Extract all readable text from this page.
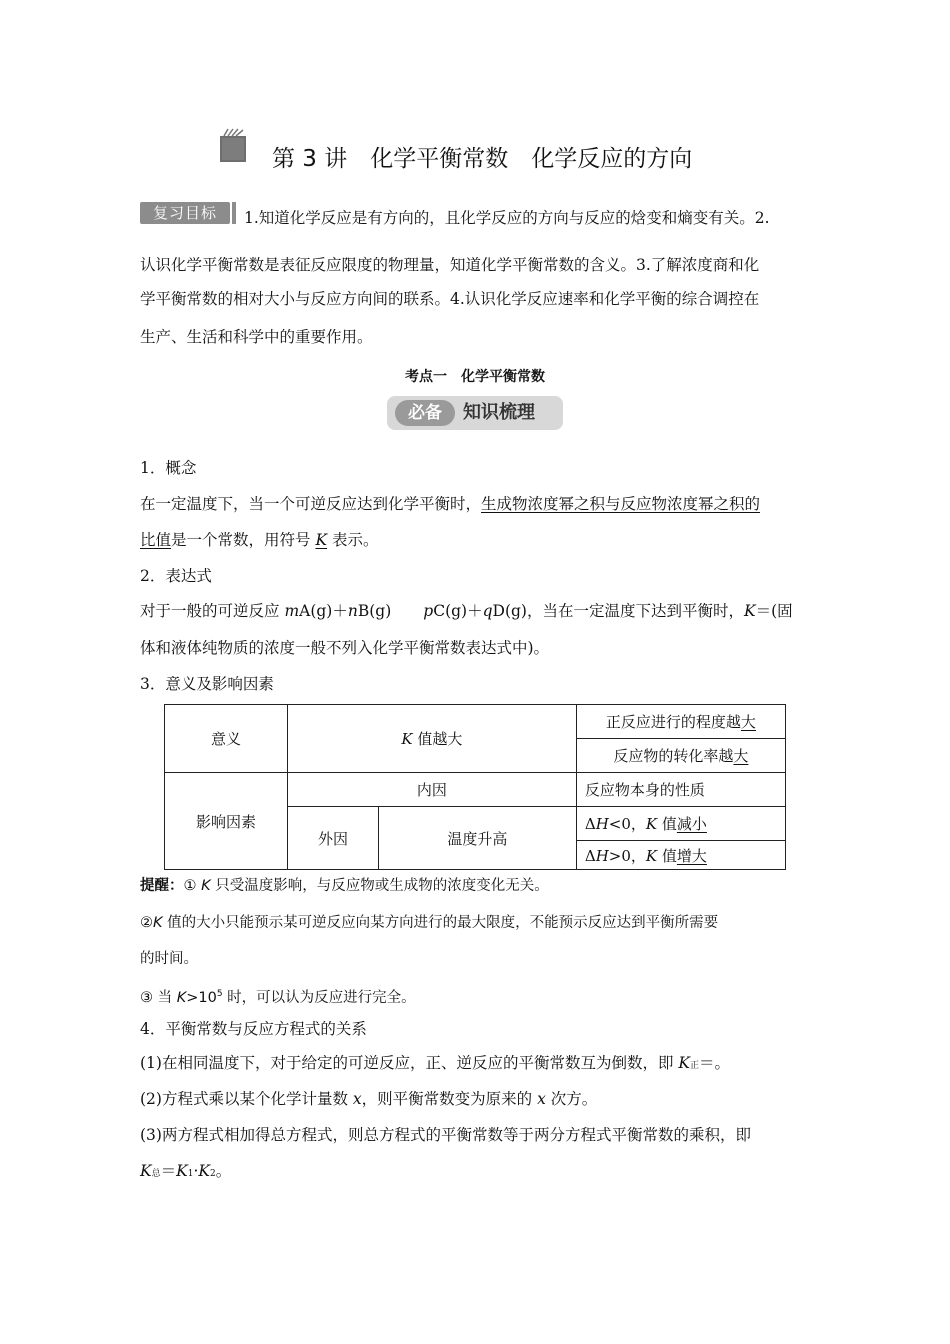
第 3 讲　化学平衡常数　化学反应的方向
复习目标	1.知道化学反应是有方向的，且化学反应的方向与反应的焓变和熵变有关。2.
认识化学平衡常数是表征反应限度的物理量，知道化学平衡常数的含义。3.了解浓度商和化
学平衡常数的相对大小与反应方向间的联系。4.认识化学反应速率和化学平衡的综合调控在
生产、生活和科学中的重要作用。
考点一　化学平衡常数
必备	知识梳理
1．概念
在一定温度下，当一个可逆反应达到化学平衡时，生成物浓度幂之积与反应物浓度幂之积的
比值是一个常数，用符号 K 表示。
2．表达式
对于一般的可逆反应 mA(g)＋nB(g) pC(g)＋qD(g)，当在一定温度下达到平衡时，K＝(固
体和液体纯物质的浓度一般不列入化学平衡常数表达式中)。
3．意义及影响因素
意义	K 值越大		正反应进行的程度越大
			反应物的转化率越大
影响因素	内因		反应物本身的性质
	外因	温度升高	ΔH<0，K 值减小
			ΔH>0，K 值增大
提醒：① K 只受温度影响，与反应物或生成物的浓度变化无关。
②K 值的大小只能预示某可逆反应向某方向进行的最大限度，不能预示反应达到平衡所需要
的时间。
③ 当 $K>10^5$ 时，可以认为反应进行完全。
4．平衡常数与反应方程式的关系
(1)在相同温度下，对于给定的可逆反应，正、逆反应的平衡常数互为倒数，即 K正＝。
(2)方程式乘以某个化学计量数 x，则平衡常数变为原来的 x 次方。
(3)两方程式相加得总方程式，则总方程式的平衡常数等于两分方程式平衡常数的乘积，即
K总＝K1·K2。
